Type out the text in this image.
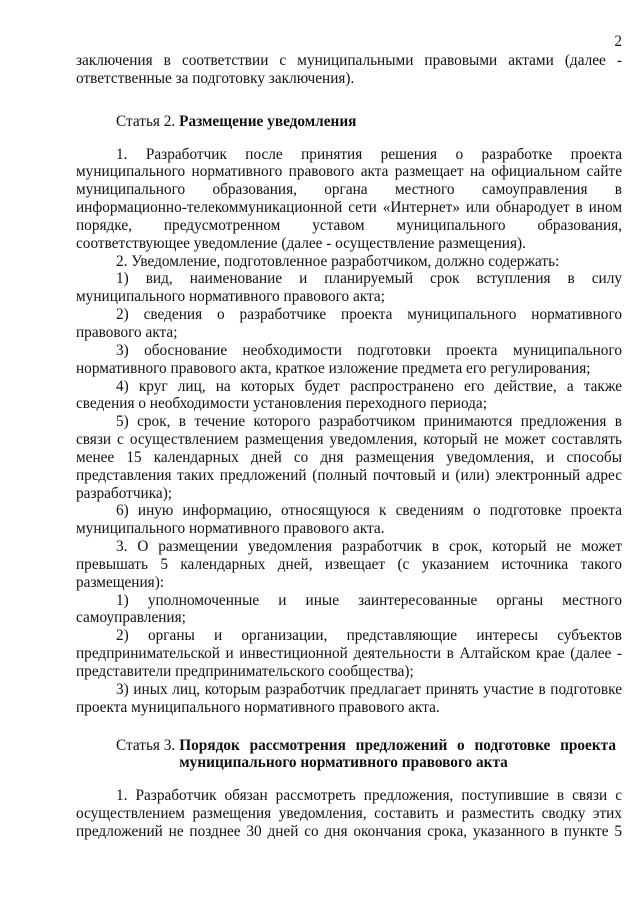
2
заключения в соответствии с муниципальными правовыми актами (далее -
ответственные за подготовку заключения).
Статья 2. Размещение уведомления
1. Разработчик после принятия решения о разработке проекта
муниципального нормативного правового акта размещает на официальном сайте
муниципального образования, органа местного самоуправления в
информационно-телекоммуникационной сети «Интернет» или обнародует в ином
порядке, предусмотренном уставом муниципального образования,
соответствующее уведомление (далее - осуществление размещения).
2. Уведомление, подготовленное разработчиком, должно содержать:
1) вид, наименование и планируемый срок вступления в силу
муниципального нормативного правового акта;
2) сведения о разработчике проекта муниципального нормативного
правового акта;
3) обоснование необходимости подготовки проекта муниципального
нормативного правового акта, краткое изложение предмета его регулирования;
4) круг лиц, на которых будет распространено его действие, а также
сведения о необходимости установления переходного периода;
5) срок, в течение которого разработчиком принимаются предложения в
связи с осуществлением размещения уведомления, который не может составлять
менее 15 календарных дней со дня размещения уведомления, и способы
представления таких предложений (полный почтовый и (или) электронный адрес
разработчика);
6) иную информацию, относящуюся к сведениям о подготовке проекта
муниципального нормативного правового акта.
3. О размещении уведомления разработчик в срок, который не может
превышать 5 календарных дней, извещает (с указанием источника такого
размещения):
1) уполномоченные и иные заинтересованные органы местного
самоуправления;
2) органы и организации, представляющие интересы субъектов
предпринимательской и инвестиционной деятельности в Алтайском крае (далее -
представители предпринимательского сообщества);
3) иных лиц, которым разработчик предлагает принять участие в подготовке
проекта муниципального нормативного правового акта.
Статья 3. Порядок рассмотрения предложений о подготовке проекта
муниципального нормативного правового акта
1. Разработчик обязан рассмотреть предложения, поступившие в связи с
осуществлением размещения уведомления, составить и разместить сводку этих
предложений не позднее 30 дней со дня окончания срока, указанного в пункте 5
